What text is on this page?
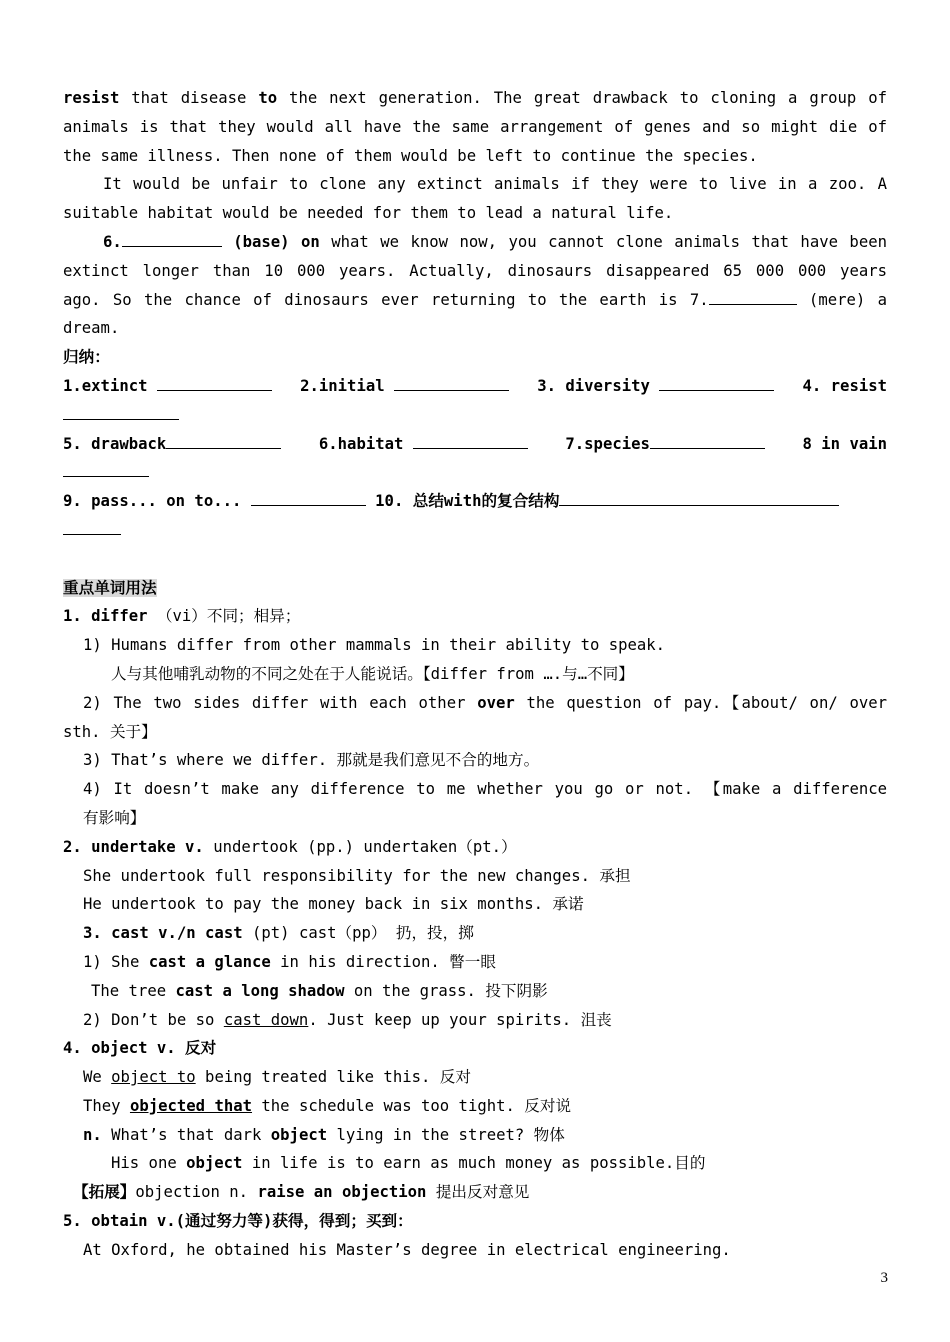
resist that disease to the next generation. The great drawback to cloning a group of
animals is that they would all have the same arrangement of genes and so might die of
the same illness. Then none of them would be left to continue the species.
It would be unfair to clone any extinct animals if they were to live in a zoo. A
suitable habitat would be needed for them to lead a natural life.
6.	(base) on what we know now, you cannot clone animals that have been
extinct longer than 10 000 years. Actually, dinosaurs disappeared 65 000 000 years
ago. So the chance of dinosaurs ever returning to the earth is 7.	(mere) a
dream.
归纳：
1.extinct	2.initial	3. diversity	4. resist
5. drawback	6.habitat	7.species	8 in vain
9. pass... on to...	10. 总结with的复合结构
重点单词用法
1. differ （vi）不同；相异；
1) Humans differ from other mammals in their ability to speak.
人与其他哺乳动物的不同之处在于人能说话。【differ from ….与…不同】
2) The two sides differ with each other over the question of pay.【about/ on/ over
sth. 关于】
3) That’s where we differ. 那就是我们意见不合的地方。
4) It doesn’t make any difference to me whether you go or not. 【make a difference
有影响】
2. undertake v. undertook (pp.) undertaken（pt.）
She undertook full responsibility for the new changes. 承担
He undertook to pay the money back in six months. 承诺
3. cast v./n cast (pt) cast（pp） 扔，投，掷
1) She cast a glance in his direction. 瞥一眼
The tree cast a long shadow on the grass. 投下阴影
2) Don’t be so cast down. Just keep up your spirits. 沮丧
4. object v. 反对
We object to being treated like this. 反对
They objected that the schedule was too tight. 反对说
n. What’s that dark object lying in the street? 物体
His one object in life is to earn as much money as possible.目的
【拓展】objection n. raise an objection 提出反对意见
5. obtain v.(通过努力等)获得，得到；买到：
At Oxford, he obtained his Master’s degree in electrical engineering.
3
